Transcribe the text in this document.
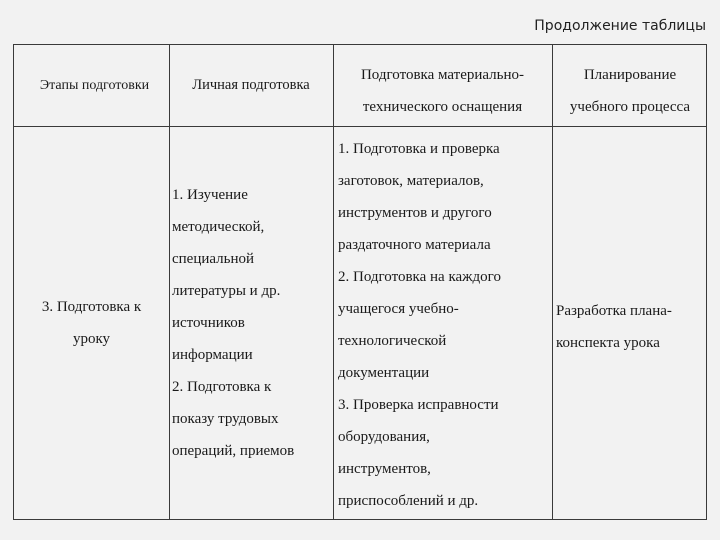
Продолжение таблицы
Этапы подготовки	Личная подготовка
Подготовка материально-
технического оснащения
Планирование
учебного процесса
3. Подготовка к
уроку
1. Изучение
методической,
специальной
литературы и др.
источников
информации
2. Подготовка к
показу трудовых
операций, приемов
1. Подготовка и проверка
заготовок, материалов,
инструментов и другого
раздаточного материала
2. Подготовка на каждого
учащегося учебно-
технологической
документации
3. Проверка исправности
оборудования,
инструментов,
приспособлений и др.
Разработка плана-
конспекта урока
